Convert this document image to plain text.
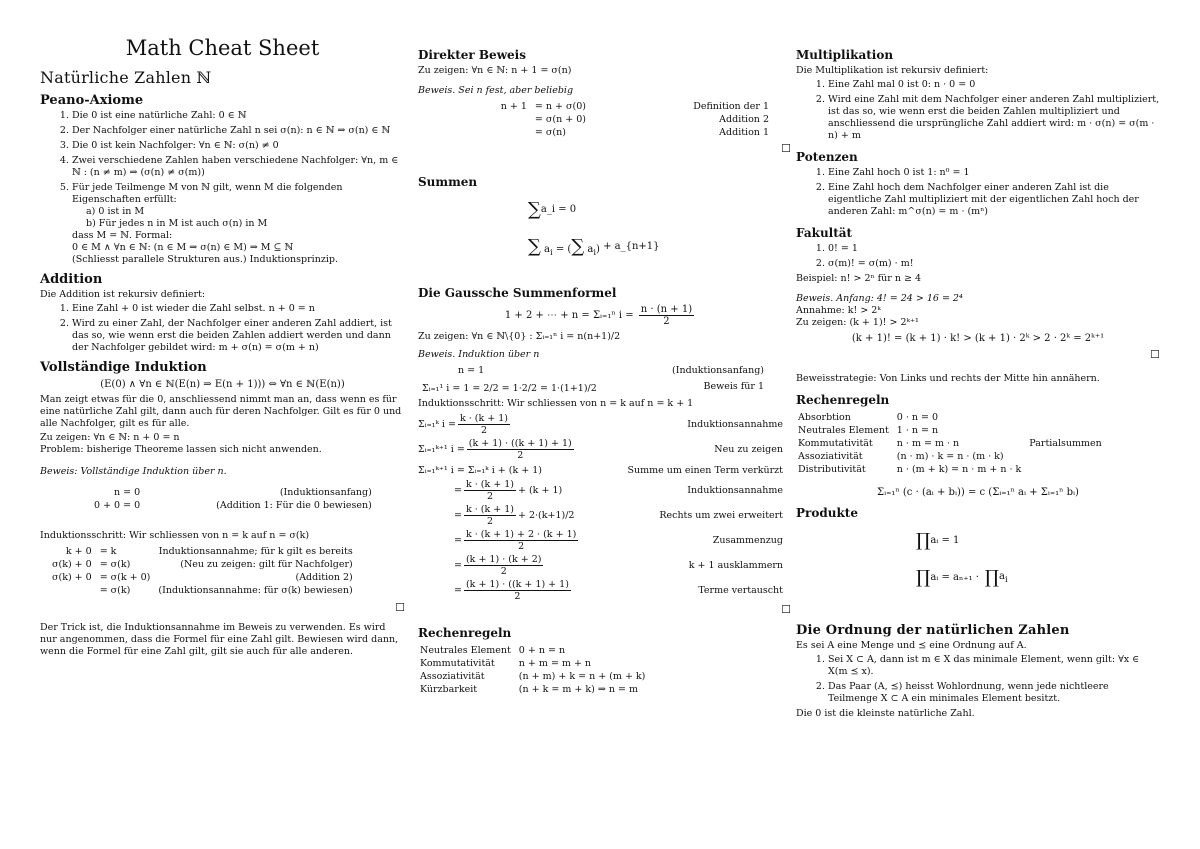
Math Cheat Sheet
Natürliche Zahlen ℕ
Peano-Axiome
1. Die 0 ist eine natürliche Zahl: 0 ∈ ℕ
2. Der Nachfolger einer natürliche Zahl n sei σ(n): n ∈ ℕ ⇒ σ(n) ∈ ℕ
3. Die 0 ist kein Nachfolger: ∀n ∈ ℕ: σ(n) ≠ 0
4. Zwei verschiedene Zahlen haben verschiedene Nachfolger: ∀n, m ∈ ℕ : (n ≠ m) ⇒ (σ(n) ≠ σ(m))
5. Für jede Teilmenge M von ℕ gilt, wenn M die folgenden Eigenschaften erfüllt:
a) 0 ist in M
b) Für jedes n in M ist auch σ(n) in M
dass M = ℕ. Formal:
0 ∈ M ∧ ∀n ∈ ℕ: (n ∈ M ⇒ σ(n) ∈ M) ⇒ M ⊆ ℕ
(Schliesst parallele Strukturen aus.) Induktionsprinzip.
Addition

Die Addition ist rekursiv definiert:

1. Eine Zahl + 0 ist wieder die Zahl selbst. n + 0 = n
2. Wird zu einer Zahl, der Nachfolger einer anderen Zahl addiert, ist das so, wie wenn erst die beiden Zahlen addiert werden und dann der Nachfolger gebildet wird: m + σ(n) = σ(m + n)
Vollständige Induktion
(E(0) ∧ ∀n ∈ ℕ(E(n) ⇒ E(n + 1))) ⇔ ∀n ∈ ℕ(E(n))

Man zeigt etwas für die 0, anschliessend nimmt man an, dass wenn es für eine natürliche Zahl gilt, dann auch für deren Nachfolger. Gilt es für 0 und alle Nachfolger, gilt es für alle.

Zu zeigen: ∀n ∈ ℕ: n + 0 = n

Problem: bisherige Theoreme lassen sich nicht anwenden.

Beweis: Vollständige Induktion über n.

n = 0		(Induktionsanfang)
0 + 0 = 0		(Addition 1: Für die 0 bewiesen)

Induktionsschritt: Wir schliessen von n = k auf n = σ(k)

k + 0	= k	Induktionsannahme; für k gilt es bereits
σ(k) + 0	= σ(k)	(Neu zu zeigen: gilt für Nachfolger)
σ(k) + 0	= σ(k + 0)	(Addition 2)
	= σ(k)	(Induktionsannahme: für σ(k) bewiesen)
☐

Der Trick ist, die Induktionsannahme im Beweis zu verwenden. Es wird nur angenommen, dass die Formel für eine Zahl gilt. Bewiesen wird dann, wenn die Formel für eine Zahl gilt, gilt sie auch für alle anderen.

Direkter Beweis

Zu zeigen: ∀n ∈ ℕ: n + 1 = σ(n)

Beweis. Sei n fest, aber beliebig

n + 1	= n + σ(0)	Definition der 1
	= σ(n + 0)	Addition 2
	= σ(n)	Addition 1
☐
Summen
∑ a_i = 0
∑ $a_i$ = (∑ $a_i$) + a_{n+1}
Die Gaussche Summenformel
1 + 2 + ⋯ + n = Σᵢ₌₁ⁿ $i = \frac{n \cdot (n + 1)}{2}$

Zu zeigen: ∀n ∈ ℕ\{0} : Σᵢ₌₁ⁿ i = n(n+1)/2

Beweis. Induktion über n

n = 1	(Induktionsanfang)
Σᵢ₌₁¹ i = 1 = 2/2 = 1·2/2 = 1·(1+1)/2	Beweis für 1

Induktionsschritt: Wir schliessen von n = k auf n = k + 1

Σᵢ₌₁ᵏ $i = \frac{k \cdot (k + 1)}{2}$	Induktionsannahme
Σᵢ₌₁ᵏ⁺¹ $i = \frac{(k + 1) \cdot ((k + 1) + 1)}{2}$	Neu zu zeigen
Σᵢ₌₁ᵏ⁺¹ i = Σᵢ₌₁ᵏ i + (k + 1)	Summe um einen Term verkürzt
= $\frac{k \cdot (k + 1)}{2} + (k + 1)$	Induktionsannahme
= $\frac{k \cdot (k + 1)}{2} + 2\cdot(k+1)/2$	Rechts um zwei erweitert
= $\frac{k \cdot (k + 1) + 2 \cdot (k + 1)}{2}$	Zusammenzug
= $\frac{(k + 1) \cdot (k + 2)}{2}$	k + 1 ausklammern
= $\frac{(k + 1) \cdot ((k + 1) + 1)}{2}$	Terme vertauscht
☐
Rechenregeln
Neutrales Element	0 + n = n
Kommutativität	n + m = m + n
Assoziativität	(n + m) + k = n + (m + k)
Kürzbarkeit	(n + k = m + k) ⇒ n = m
Multiplikation

Die Multiplikation ist rekursiv definiert:

1. Eine Zahl mal 0 ist 0: n · 0 = 0
2. Wird eine Zahl mit dem Nachfolger einer anderen Zahl multipliziert, ist das so, wie wenn erst die beiden Zahlen multipliziert und anschliessend die ursprüngliche Zahl addiert wird: m · σ(n) = σ(m · n) + m
Potenzen
1. Eine Zahl hoch 0 ist 1: n⁰ = 1
2. Eine Zahl hoch dem Nachfolger einer anderen Zahl ist die eigentliche Zahl multipliziert mit der eigentlichen Zahl hoch der anderen Zahl: m^σ(n) = m · (mⁿ)
Fakultät
1. 0! = 1
2. σ(m)! = σ(m) · m!

Beispiel: n! > 2ⁿ für n ≥ 4

Beweis. Anfang: 4! = 24 > 16 = 2⁴

Annahme: k! > 2ᵏ

Zu zeigen: (k + 1)! > 2ᵏ⁺¹

(k + 1)! = (k + 1) · k! > (k + 1) · 2ᵏ > 2 · 2ᵏ = 2ᵏ⁺¹
☐

Beweisstrategie: Von Links und rechts der Mitte hin annähern.

Rechenregeln
Absorbtion	0 · n = 0	
Neutrales Element	1 · n = n	
Kommutativität	n · m = m · n	Partialsummen
Assoziativität	(n · m) · k = n · (m · k)	
Distributivität	n · (m + k) = n · m + n · k	
Σᵢ₌₁ⁿ (c · (aᵢ + bᵢ)) = c (Σᵢ₌₁ⁿ aᵢ + Σᵢ₌₁ⁿ bᵢ)
Produkte
∏ aᵢ = 1
∏ aᵢ = aₙ₊₁ · ∏ $a_i$
Die Ordnung der natürlichen Zahlen

Es sei A eine Menge und ⪯ eine Ordnung auf A.

1. Sei X ⊂ A, dann ist m ∈ X das minimale Element, wenn gilt: ∀x ∈ X(m ⪯ x).
2. Das Paar (A, ⪯) heisst Wohlordnung, wenn jede nichtleere Teilmenge X ⊂ A ein minimales Element besitzt.

Die 0 ist die kleinste natürliche Zahl.
